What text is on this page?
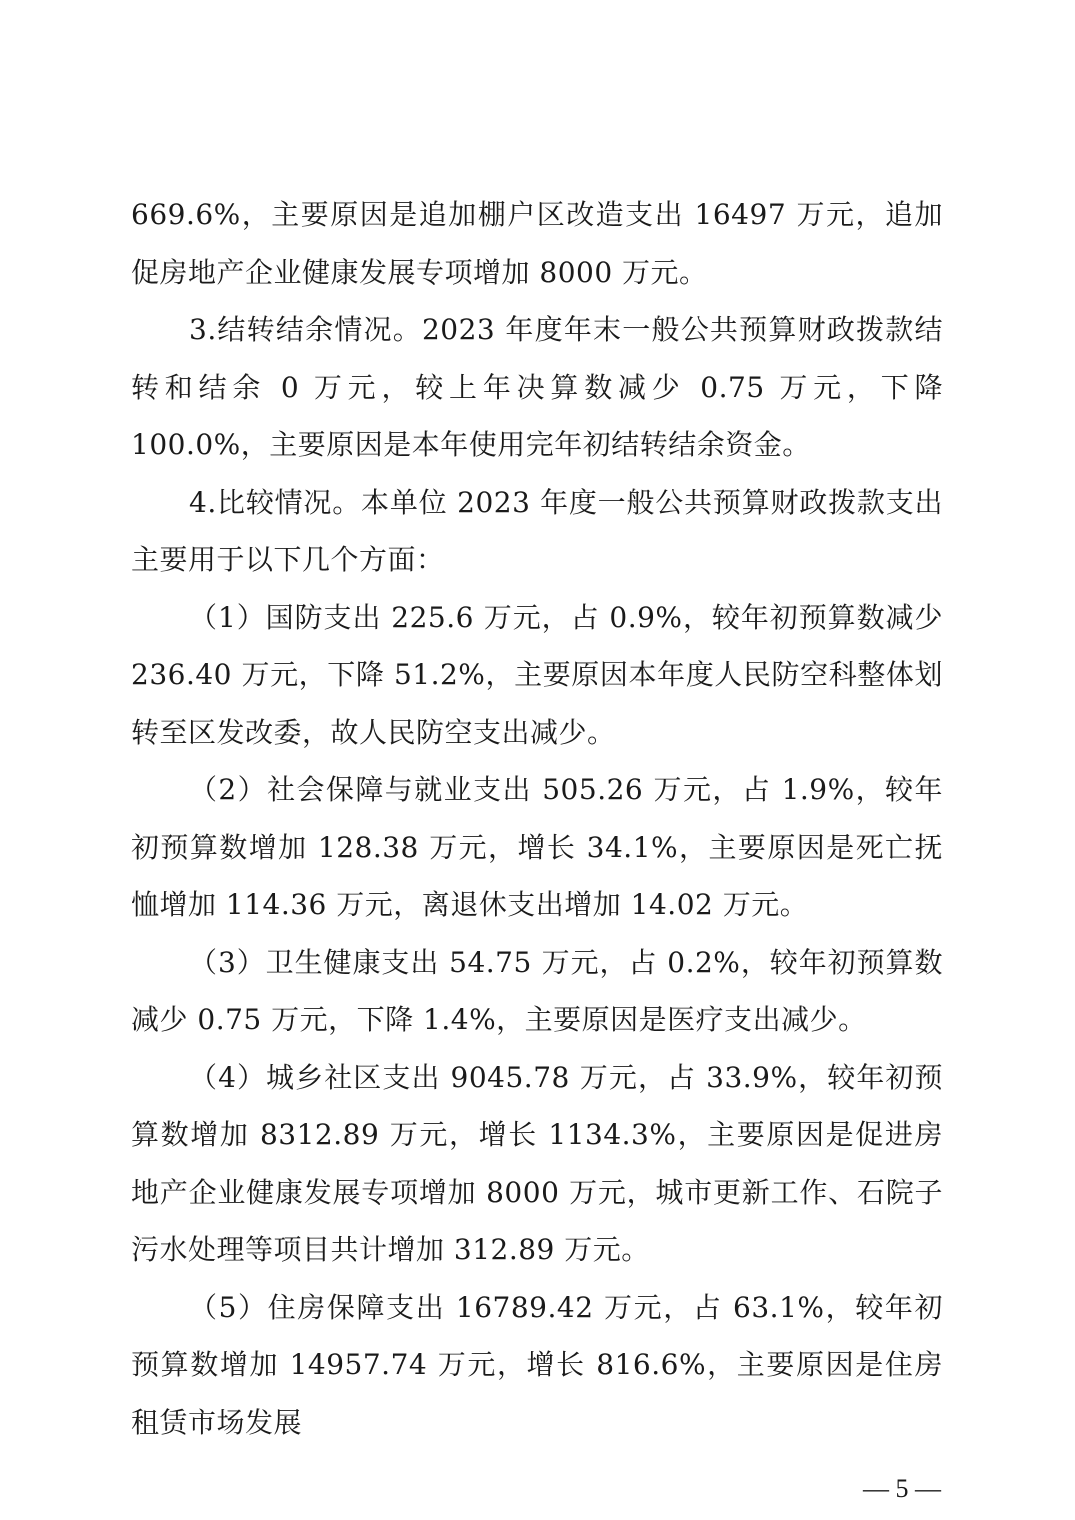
669.6%，主要原因是追加棚户区改造支出 16497 万元，追加促房地产企业健康发展专项增加 8000 万元。

3.结转结余情况。2023 年度年末一般公共预算财政拨款结转和结余 0 万元，较上年决算数减少 0.75 万元，下降 100.0%，主要原因是本年使用完年初结转结余资金。

4.比较情况。本单位 2023 年度一般公共预算财政拨款支出主要用于以下几个方面：

（1）国防支出 225.6 万元，占 0.9%，较年初预算数减少 236.40 万元，下降 51.2%，主要原因本年度人民防空科整体划转至区发改委，故人民防空支出减少。

（2）社会保障与就业支出 505.26 万元，占 1.9%，较年初预算数增加 128.38 万元，增长 34.1%，主要原因是死亡抚恤增加 114.36 万元，离退休支出增加 14.02 万元。

（3）卫生健康支出 54.75 万元，占 0.2%，较年初预算数减少 0.75 万元，下降 1.4%，主要原因是医疗支出减少。

（4）城乡社区支出 9045.78 万元，占 33.9%，较年初预算数增加 8312.89 万元，增长 1134.3%，主要原因是促进房地产企业健康发展专项增加 8000 万元，城市更新工作、石院子污水处理等项目共计增加 312.89 万元。

（5）住房保障支出 16789.42 万元，占 63.1%，较年初预算数增加 14957.74 万元，增长 816.6%，主要原因是住房租赁市场发展

— 5 —
